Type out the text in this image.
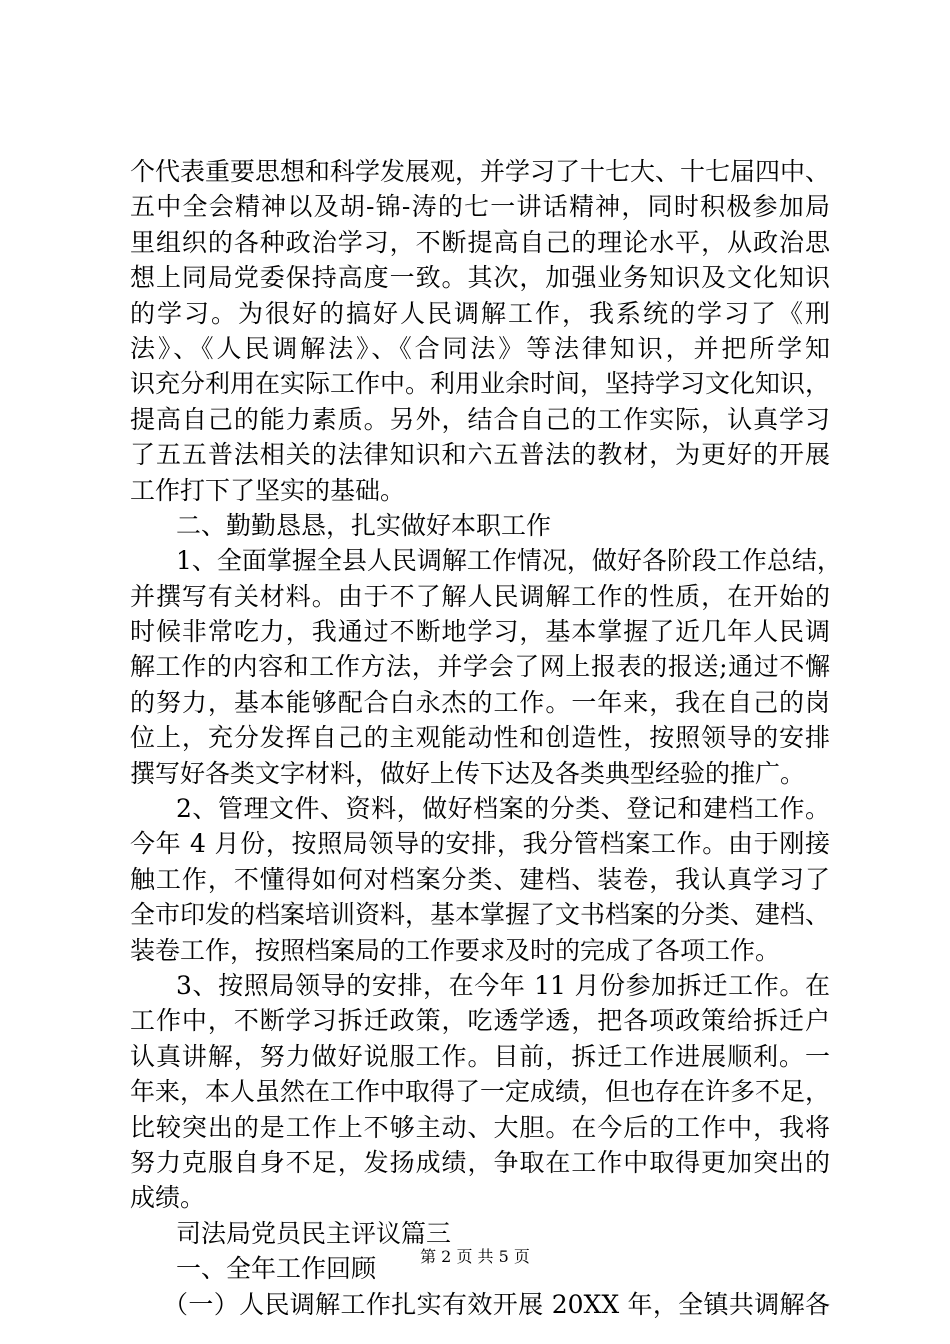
个代表重要思想和科学发展观，并学习了十七大、十七届四中、
五中全会精神以及胡-锦-涛的七一讲话精神，同时积极参加局
里组织的各种政治学习，不断提高自己的理论水平，从政治思
想上同局党委保持高度一致。其次，加强业务知识及文化知识
的学习。为很好的搞好人民调解工作，我系统的学习了《刑
法》、《人民调解法》、《合同法》等法律知识，并把所学知
识充分利用在实际工作中。利用业余时间，坚持学习文化知识，
提高自己的能力素质。另外，结合自己的工作实际，认真学习
了五五普法相关的法律知识和六五普法的教材，为更好的开展
工作打下了坚实的基础。
二、勤勤恳恳，扎实做好本职工作
1、全面掌握全县人民调解工作情况，做好各阶段工作总结，
并撰写有关材料。由于不了解人民调解工作的性质，在开始的
时候非常吃力，我通过不断地学习，基本掌握了近几年人民调
解工作的内容和工作方法，并学会了网上报表的报送;通过不懈
的努力，基本能够配合白永杰的工作。一年来，我在自己的岗
位上，充分发挥自己的主观能动性和创造性，按照领导的安排
撰写好各类文字材料，做好上传下达及各类典型经验的推广。
2、管理文件、资料，做好档案的分类、登记和建档工作。
今年 4 月份，按照局领导的安排，我分管档案工作。由于刚接
触工作，不懂得如何对档案分类、建档、装卷，我认真学习了
全市印发的档案培训资料，基本掌握了文书档案的分类、建档、
装卷工作，按照档案局的工作要求及时的完成了各项工作。
3、按照局领导的安排，在今年 11 月份参加拆迁工作。在
工作中，不断学习拆迁政策，吃透学透，把各项政策给拆迁户
认真讲解，努力做好说服工作。目前，拆迁工作进展顺利。一
年来，本人虽然在工作中取得了一定成绩，但也存在许多不足，
比较突出的是工作上不够主动、大胆。在今后的工作中，我将
努力克服自身不足，发扬成绩，争取在工作中取得更加突出的
成绩。
司法局党员民主评议篇三
一、全年工作回顾
（一）人民调解工作扎实有效开展 20XX 年，全镇共调解各
第 2 页 共 5 页
